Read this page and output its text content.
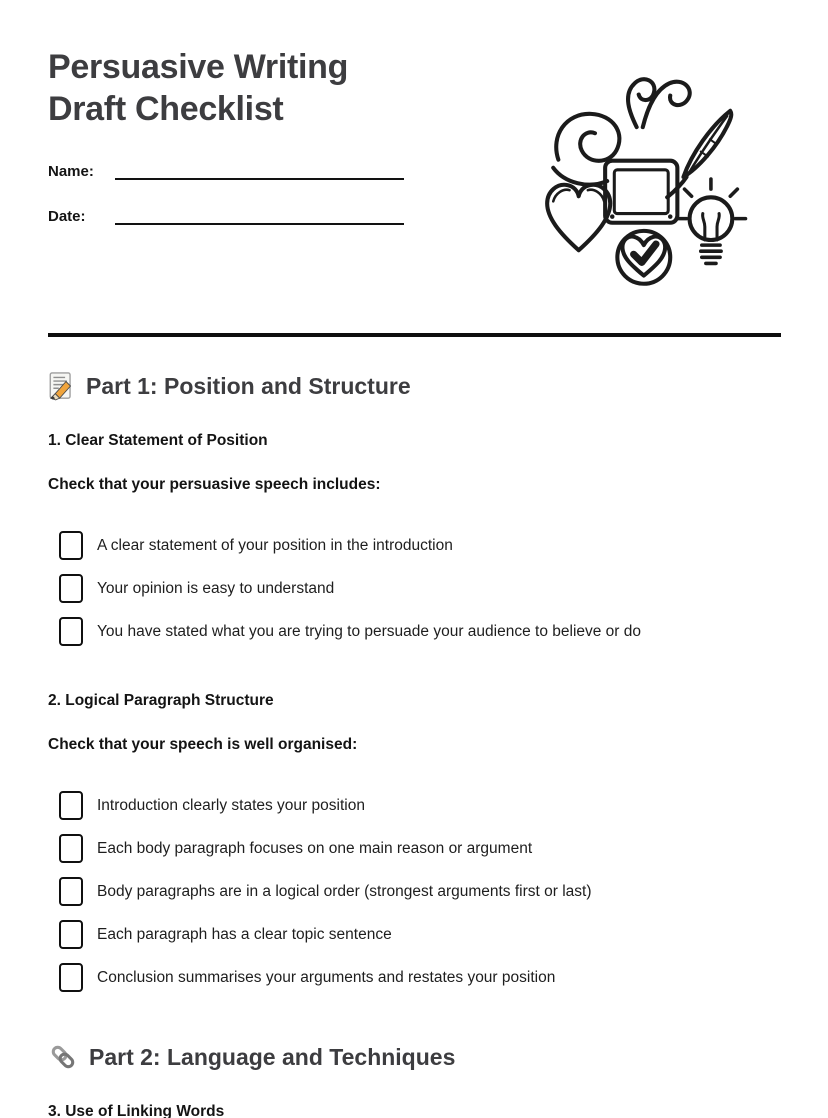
Persuasive Writing
Draft Checklist
Name:
Date:
Part 1: Position and Structure
1. Clear Statement of Position
Check that your persuasive speech includes:
A clear statement of your position in the introduction
Your opinion is easy to understand
You have stated what you are trying to persuade your audience to believe or do
2. Logical Paragraph Structure
Check that your speech is well organised:
Introduction clearly states your position
Each body paragraph focuses on one main reason or argument
Body paragraphs are in a logical order (strongest arguments first or last)
Each paragraph has a clear topic sentence
Conclusion summarises your arguments and restates your position
Part 2: Language and Techniques
3. Use of Linking Words
